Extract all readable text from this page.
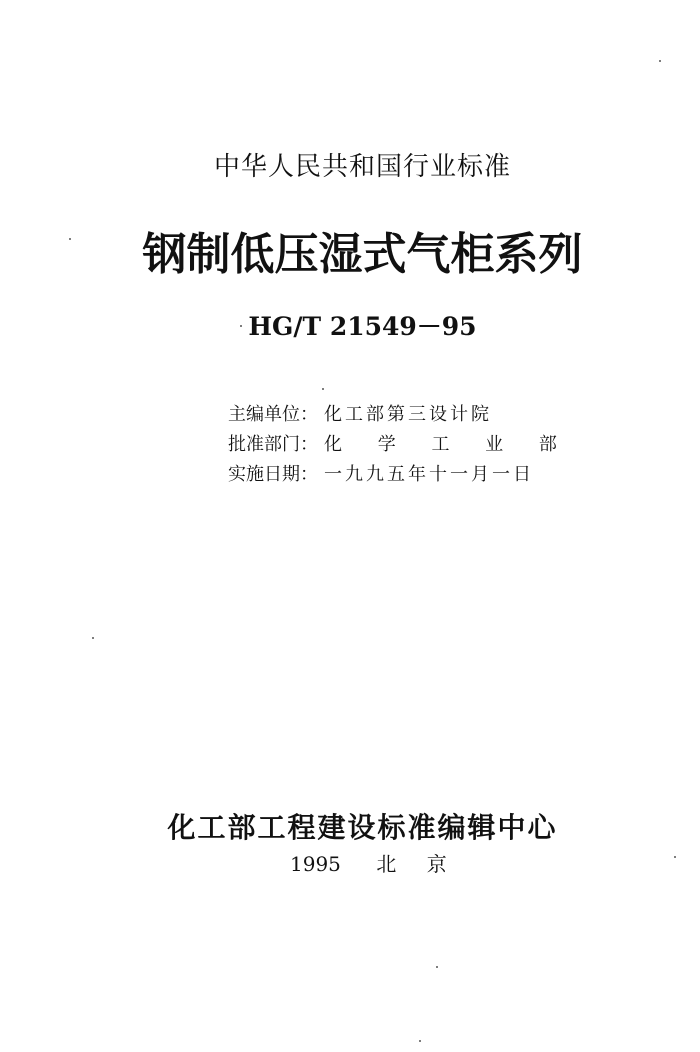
中华人民共和国行业标准
钢制低压湿式气柜系列
HG/T 21549－95
主编单位： 化工部第三设计院
批准部门： 化 学 工 业 部
实施日期： 一九九五年十一月一日
化工部工程建设标准编辑中心
1995 北 京
